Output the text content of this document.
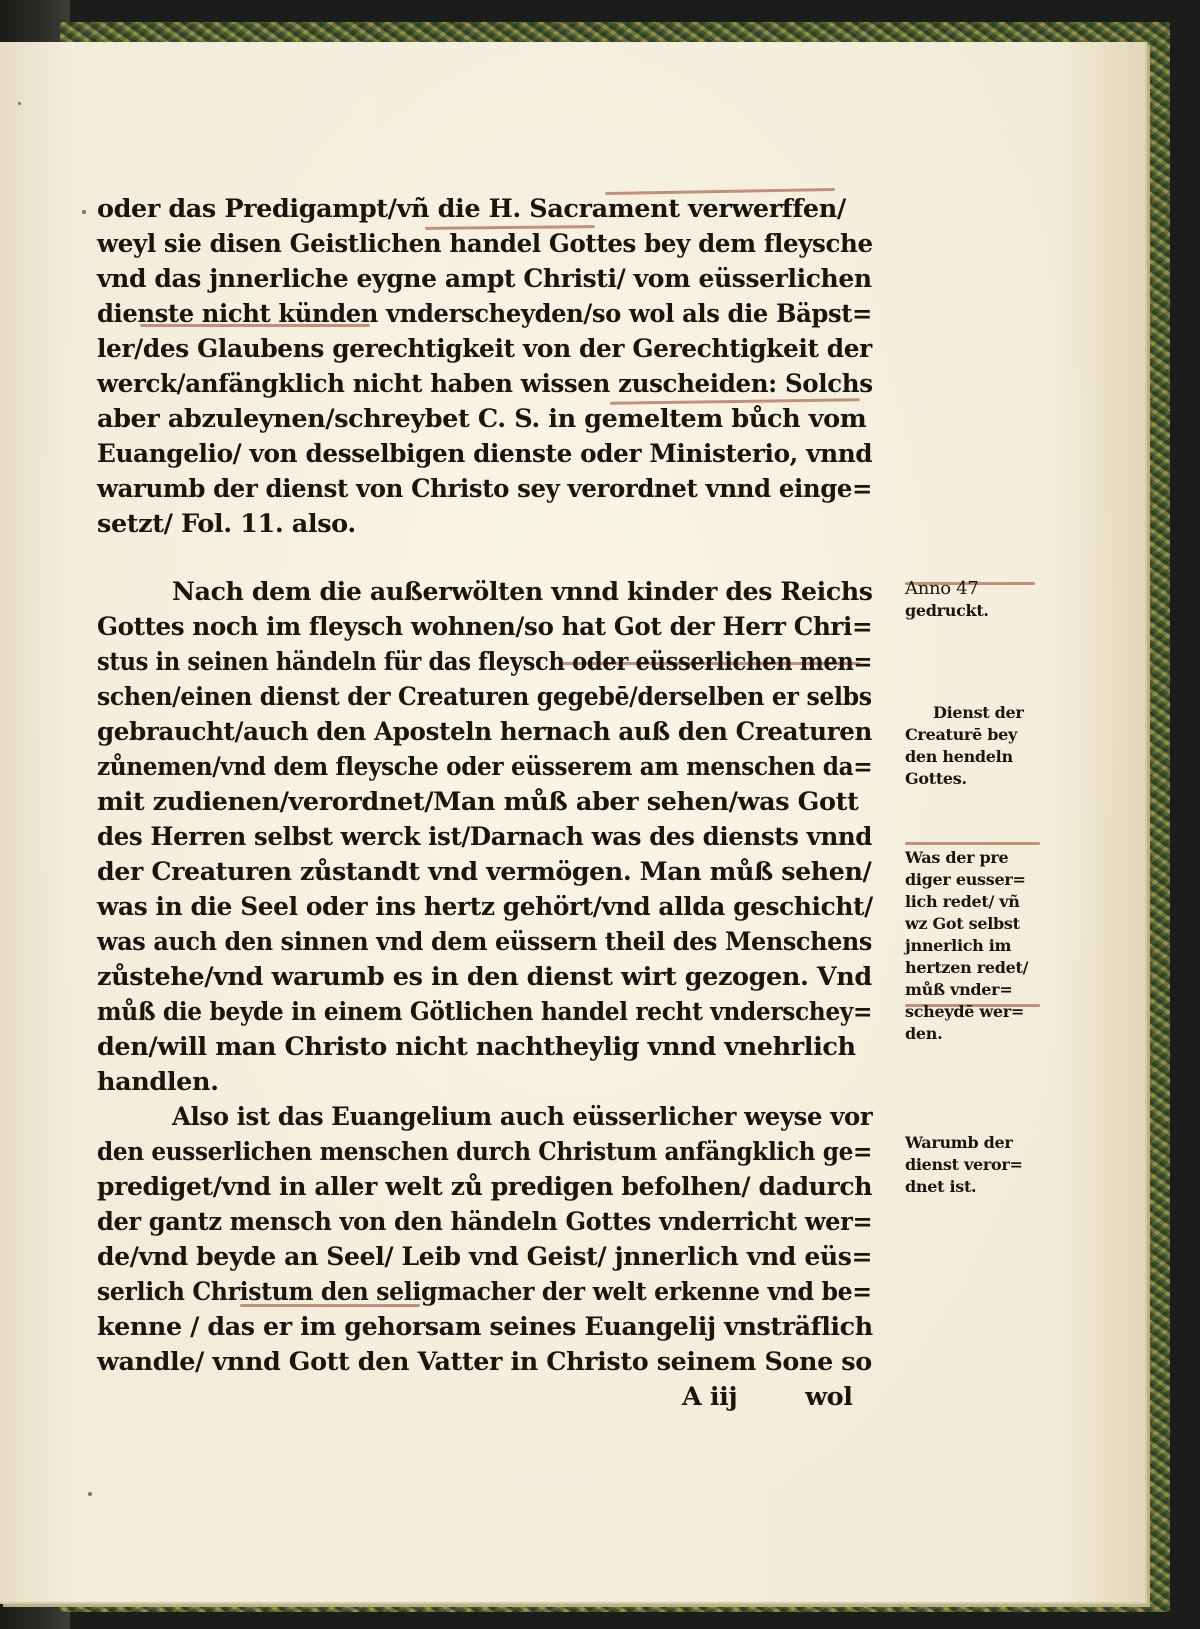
oder das Predigampt/vñ die H. Sacrament verwerffen/
weyl sie disen Geistlichen handel Gottes bey dem fleysche
vnd das jnnerliche eygne ampt Christi/ vom eüsserlichen
dienste nicht künden vnderscheyden/so wol als die Bäpst=
ler/des Glaubens gerechtigkeit von der Gerechtigkeit der
werck/anfängklich nicht haben wissen zuscheiden: Solchs
aber abzuleynen/schreybet C. S. in gemeltem bůch vom
Euangelio/ von desselbigen dienste oder Ministerio, vnnd
warumb der dienst von Christo sey verordnet vnnd einge=
setzt/ Fol. 11. also.
Nach dem die außerwölten vnnd kinder des Reichs
Gottes noch im fleysch wohnen/so hat Got der Herr Chri=
stus in seinen händeln für das fleysch oder eüsserlichen men=
schen/einen dienst der Creaturen gegebē/derselben er selbs
gebraucht/auch den Aposteln hernach auß den Creaturen
zůnemen/vnd dem fleysche oder eüsserem am menschen da=
mit zudienen/verordnet/Man můß aber sehen/was Gott
des Herren selbst werck ist/Darnach was des diensts vnnd
der Creaturen zůstandt vnd vermögen. Man můß sehen/
was in die Seel oder ins hertz gehört/vnd allda geschicht/
was auch den sinnen vnd dem eüssern theil des Menschens
zůstehe/vnd warumb es in den dienst wirt gezogen. Vnd
můß die beyde in einem Götlichen handel recht vnderschey=
den/will man Christo nicht nachtheylig vnnd vnehrlich
handlen.
Also ist das Euangelium auch eüsserlicher weyse vor
den eusserlichen menschen durch Christum anfängklich ge=
prediget/vnd in aller welt zů predigen befolhen/ dadurch
der gantz mensch von den händeln Gottes vnderricht wer=
de/vnd beyde an Seel/ Leib vnd Geist/ jnnerlich vnd eüs=
serlich Christum den seligmacher der welt erkenne vnd be=
kenne / das er im gehorsam seines Euangelij vnsträflich
wandle/ vnnd Gott den Vatter in Christo seinem Sone so
A iij        wol
Anno 47
gedruckt.
Dienst der
Creaturē bey
den hendeln
Gottes.
Was der pre
diger eusser=
lich redet/ vñ
wz Got selbst
jnnerlich im
hertzen redet/
můß vnder=
scheydē wer=
den.
Warumb der
dienst veror=
dnet ist.
